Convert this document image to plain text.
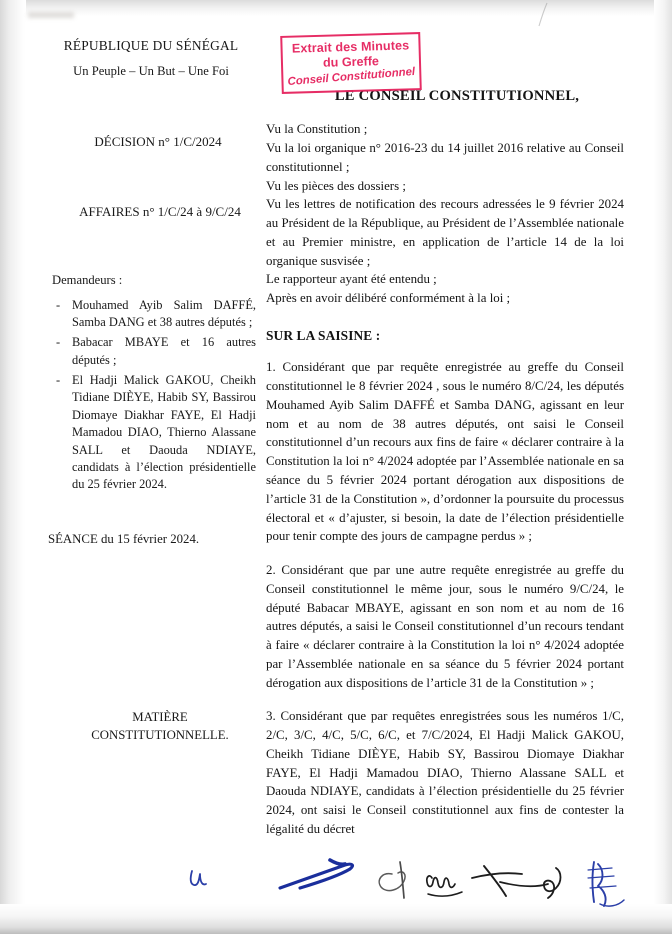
RÉPUBLIQUE DU SÉNÉGAL
Un Peuple – Un But – Une Foi
DÉCISION n° 1/C/2024
AFFAIRES n° 1/C/24 à 9/C/24
Demandeurs :
- Mouhamed Ayib Salim DAFFÉ, Samba DANG et 38 autres députés ;
- Babacar MBAYE et 16 autres députés ;
- El Hadji Malick GAKOU, Cheikh Tidiane DIÈYE, Habib SY, Bassirou Diomaye Diakhar FAYE, El Hadji Mamadou DIAO, Thierno Alassane SALL et Daouda NDIAYE, candidats à l’élection présidentielle du 25 février 2024.
SÉANCE du 15 février 2024.
MATIÈRE
CONSTITUTIONNELLE.
LE CONSEIL CONSTITUTIONNEL,

Vu la Constitution ;

Vu la loi organique n° 2016-23 du 14 juillet 2016 relative au Conseil constitutionnel ;

Vu les pièces des dossiers ;

Vu les lettres de notification des recours adressées le 9 février 2024 au Président de la République, au Président de l’Assemblée nationale et au Premier ministre, en application de l’article 14 de la loi organique susvisée ;

Le rapporteur ayant été entendu ;

Après en avoir délibéré conformément à la loi ;

SUR LA SAISINE :

1. Considérant que par requête enregistrée au greffe du Conseil constitutionnel le 8 février 2024 , sous le numéro 8/C/24, les députés Mouhamed Ayib Salim DAFFÉ et Samba DANG, agissant en leur nom et au nom de 38 autres députés, ont saisi le Conseil constitutionnel d’un recours aux fins de faire « déclarer contraire à la Constitution la loi n° 4/2024 adoptée par l’Assemblée nationale en sa séance du 5 février 2024 portant dérogation aux dispositions de l’article 31 de la Constitution », d’ordonner la poursuite du processus électoral et « d’ajuster, si besoin, la date de l’élection présidentielle pour tenir compte des jours de campagne perdus » ;

2. Considérant que par une autre requête enregistrée au greffe du Conseil constitutionnel le même jour, sous le numéro 9/C/24, le député Babacar MBAYE, agissant en son nom et au nom de 16 autres députés, a saisi le Conseil constitutionnel d’un recours tendant à faire « déclarer contraire à la Constitution la loi n° 4/2024 adoptée par l’Assemblée nationale en sa séance du 5 février 2024 portant dérogation aux dispositions de l’article 31 de la Constitution » ;

3. Considérant que par requêtes enregistrées sous les numéros 1/C, 2/C, 3/C, 4/C, 5/C, 6/C, et 7/C/2024, El Hadji Malick GAKOU, Cheikh Tidiane DIÈYE, Habib SY, Bassirou Diomaye Diakhar FAYE, El Hadji Mamadou DIAO, Thierno Alassane SALL et Daouda NDIAYE, candidats à l’élection présidentielle du 25 février 2024, ont saisi le Conseil constitutionnel aux fins de contester la légalité du décret

Extrait des Minutes
du Greffe
Conseil Constitutionnel
